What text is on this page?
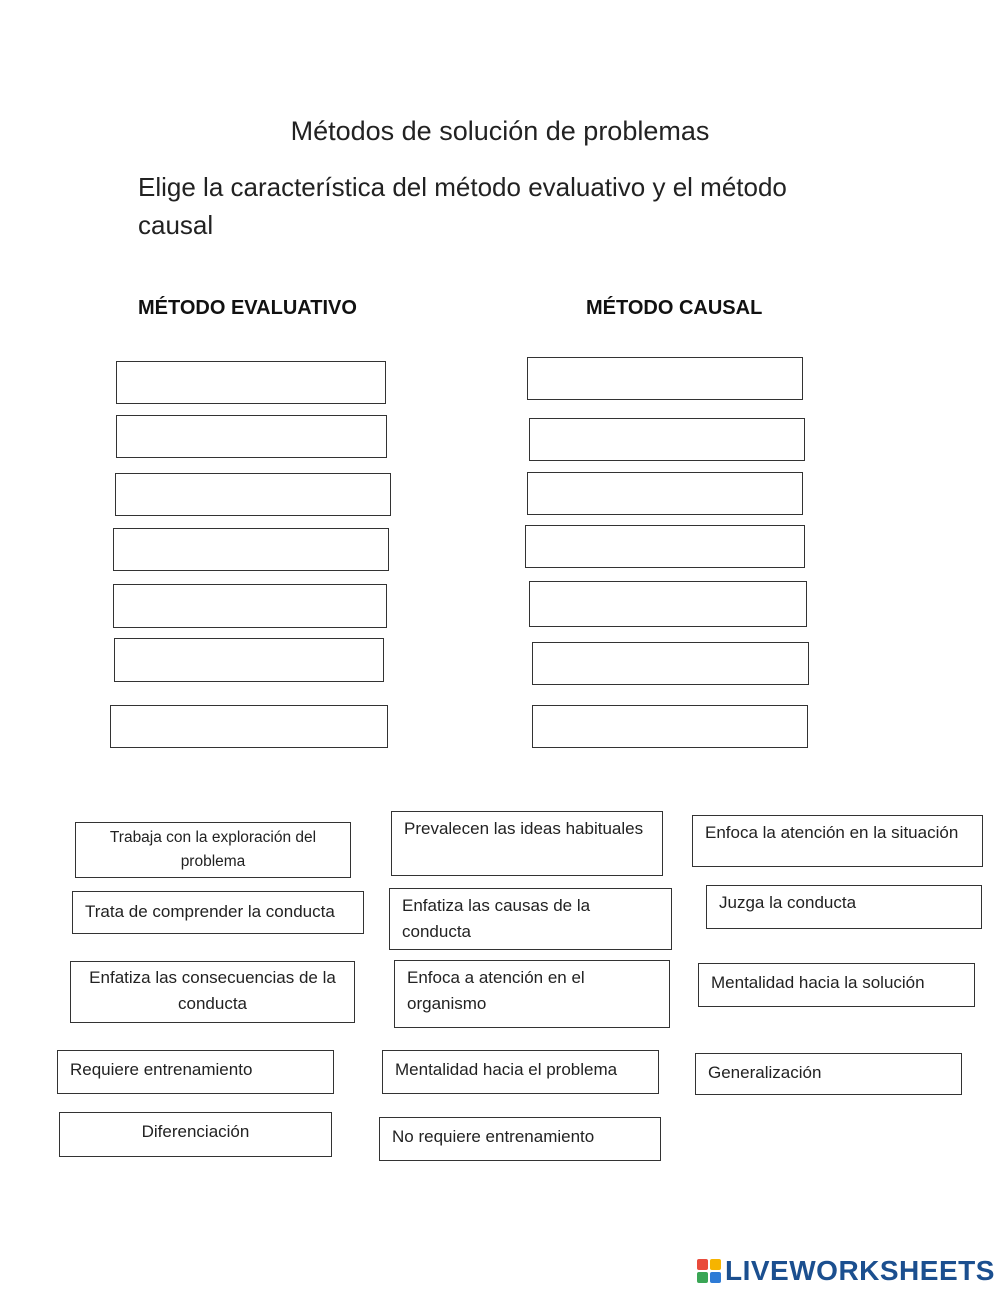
Métodos de solución de problemas
Elige la característica del método evaluativo y el método causal
MÉTODO EVALUATIVO	MÉTODO CAUSAL
Trabaja con la exploración del problema
Prevalecen las ideas habituales	Enfoca la atención en la situación
Trata de comprender la conducta	Enfatiza las causas de la conducta
Juzga la conducta
Enfatiza las consecuencias de la conducta
Enfoca a atención en el organismo
Mentalidad hacia la solución
Requiere entrenamiento	Mentalidad hacia el problema	Generalización
Diferenciación	No requiere entrenamiento
LIVEWORKSHEETS
